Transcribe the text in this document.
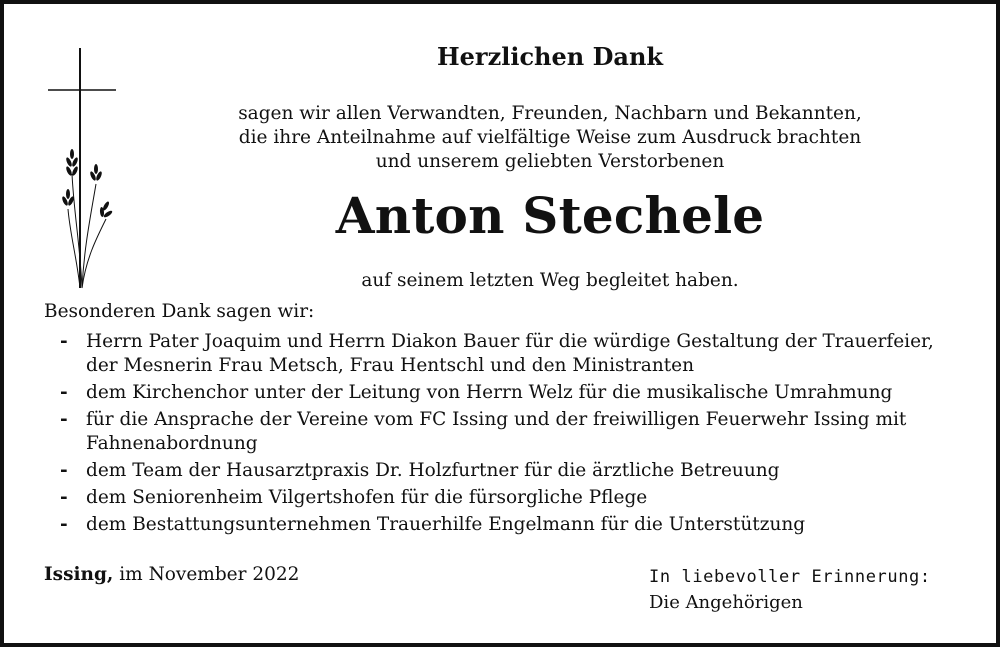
Herzlichen Dank
sagen wir allen Verwandten, Freunden, Nachbarn und Bekannten,
die ihre Anteilnahme auf vielfältige Weise zum Ausdruck brachten
und unserem geliebten Verstorbenen
Anton Stechele
auf seinem letzten Weg begleitet haben.
Besonderen Dank sagen wir:
- Herrn Pater Joaquim und Herrn Diakon Bauer für die würdige Gestaltung der Trauerfeier, der Mesnerin Frau Metsch, Frau Hentschl und den Ministranten
- dem Kirchenchor unter der Leitung von Herrn Welz für die musikalische Umrahmung
- für die Ansprache der Vereine vom FC Issing und der freiwilligen Feuerwehr Issing mit Fahnenabordnung
- dem Team der Hausarztpraxis Dr. Holzfurtner für die ärztliche Betreuung
- dem Seniorenheim Vilgertshofen für die fürsorgliche Pflege
- dem Bestattungsunternehmen Trauerhilfe Engelmann für die Unterstützung
Issing, im November 2022	In liebevoller Erinnerung:
Die Angehörigen
